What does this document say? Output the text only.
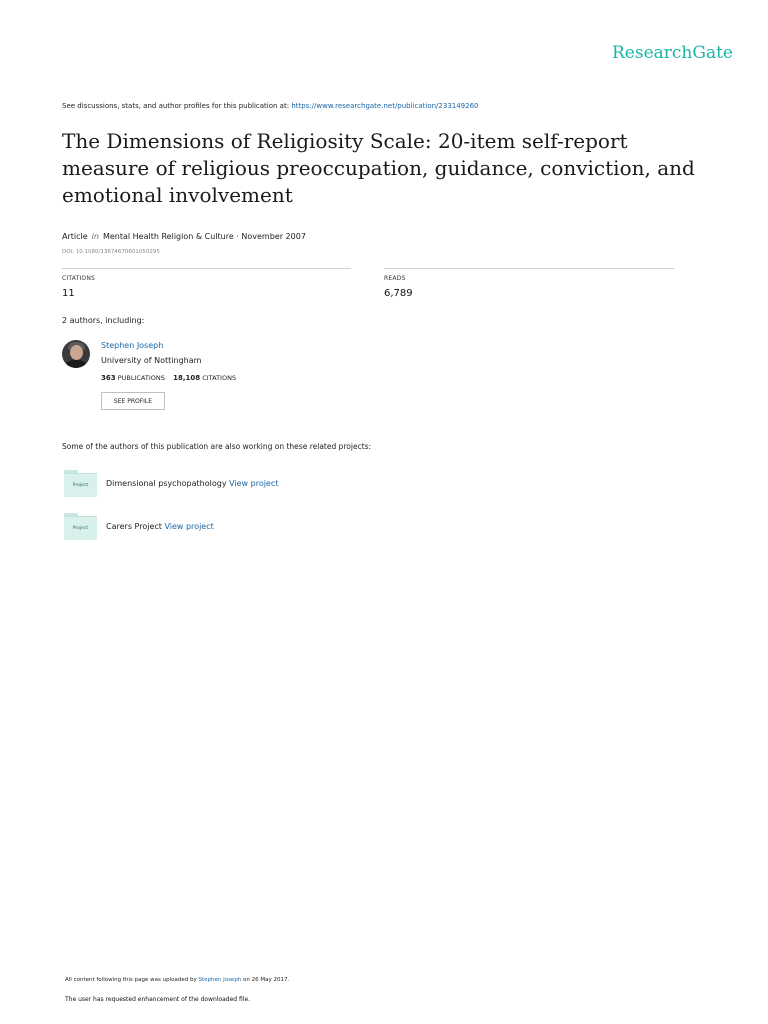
ResearchGate
See discussions, stats, and author profiles for this publication at: https://www.researchgate.net/publication/233149260
The Dimensions of Religiosity Scale: 20-item self-report measure of religious preoccupation, guidance, conviction, and emotional involvement
Article in Mental Health Religion & Culture · November 2007
DOI: 10.1080/13674670601050295
CITATIONS
11
READS
6,789
2 authors, including:
Stephen Joseph
University of Nottingham
363 PUBLICATIONS 18,108 CITATIONS
SEE PROFILE
Some of the authors of this publication are also working on these related projects:
Project	Dimensional psychopathology View project
Project	Carers Project View project
All content following this page was uploaded by Stephen Joseph on 26 May 2017.
The user has requested enhancement of the downloaded file.
